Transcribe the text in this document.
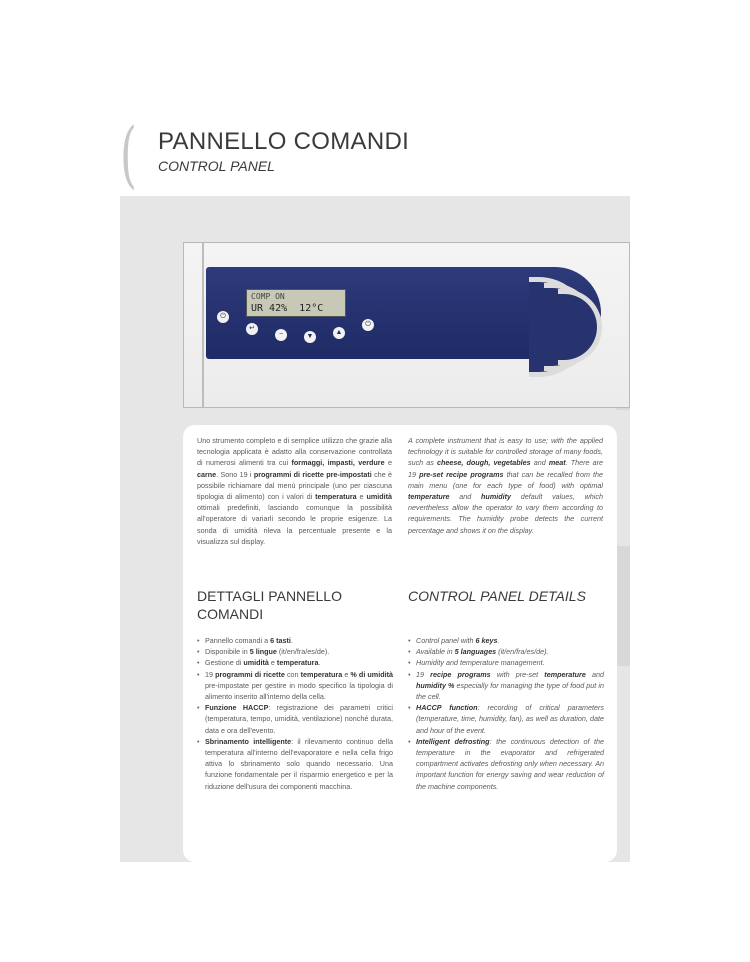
( PANNELLO COMANDI
CONTROL PANEL
COMP ON
UR 42% 12°C
⏻
↵
−	▼
▲
⏻
Uno strumento completo e di semplice utilizzo che grazie alla tecnologia applicata è adatto alla conservazione controllata di numerosi alimenti tra cui formaggi, impasti, verdure e carne. Sono 19 i programmi di ricette pre-impostati che è possibile richiamare dal menù principale (uno per ciascuna tipologia di alimento) con i valori di temperatura e umidità ottimali predefiniti, lasciando comunque la possibilità all'operatore di variarli secondo le proprie esigenze. La sonda di umidità rileva la percentuale presente e la visualizza sul display.
A complete instrument that is easy to use; with the applied technology it is suitable for controlled storage of many foods, such as cheese, dough, vegetables and meat. There are 19 pre-set recipe programs that can be recalled from the main menu (one for each type of food) with optimal temperature and humidity default values, which nevertheless allow the operator to vary them according to requirements. The humidity probe detects the current percentage and shows it on the display.
DETTAGLI PANNELLO COMANDI
CONTROL PANEL DETAILS
• Pannello comandi a 6 tasti.
• Disponibile in 5 lingue (it/en/fra/es/de).
• Gestione di umidità e temperatura.
• 19 programmi di ricette con temperatura e % di umidità pre-impostate per gestire in modo specifico la tipologia di alimento inserito all'interno della cella.
• Funzione HACCP: registrazione dei parametri critici (temperatura, tempo, umidità, ventilazione) nonché durata, data e ora dell'evento.
• Sbrinamento intelligente: il rilevamento continuo della temperatura all'interno dell'evaporatore e nella cella frigo attiva lo sbrinamento solo quando necessario. Una funzione fondamentale per il risparmio energetico e per la riduzione dell'usura dei componenti macchina.
• Control panel with 6 keys.
• Available in 5 languages (it/en/fra/es/de).
• Humidity and temperature management.
• 19 recipe programs with pre-set temperature and humidity % especially for managing the type of food put in the cell.
• HACCP function: recording of critical parameters (temperature, time, humidity, fan), as well as duration, date and hour of the event.
• Intelligent defrosting: the continuous detection of the temperature in the evaporator and refrigerated compartment activates defrosting only when necessary. An important function for energy saving and wear reduction of the machine components.
